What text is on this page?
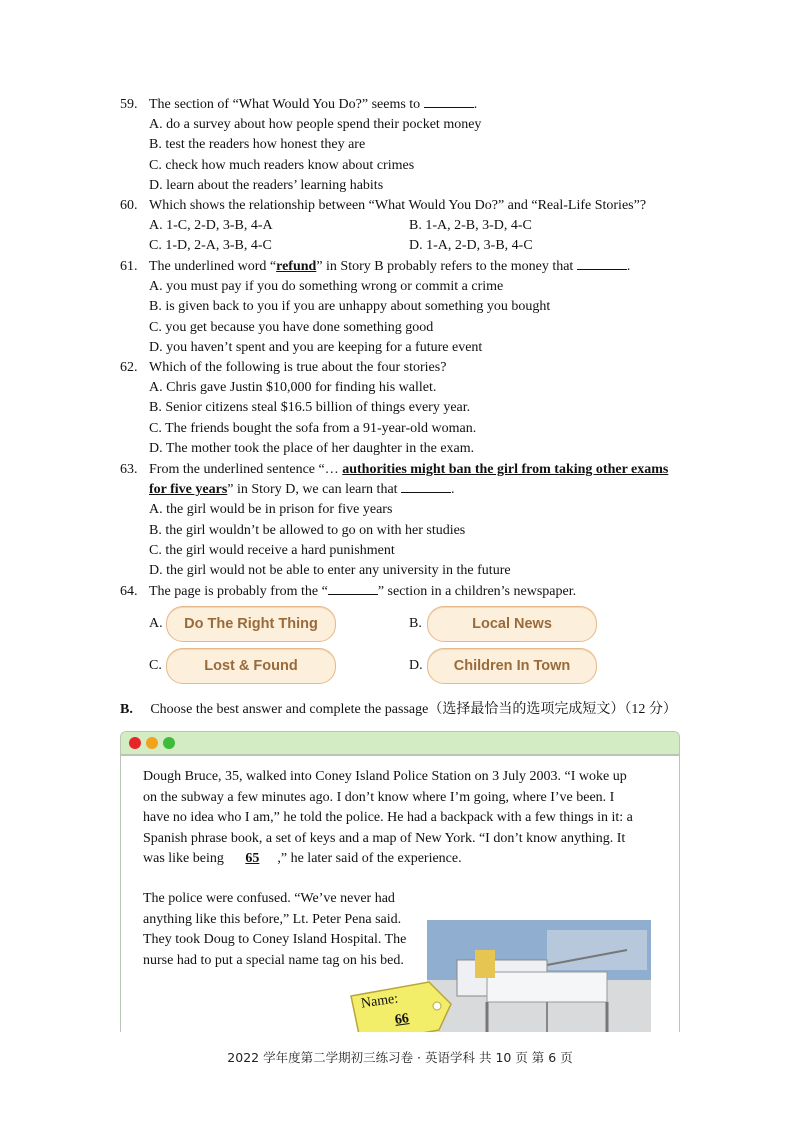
59. The section of “What Would You Do?” seems to	.
A. do a survey about how people spend their pocket money
B. test the readers how honest they are
C. check how much readers know about crimes
D. learn about the readers’ learning habits
60. Which shows the relationship between “What Would You Do?” and “Real-Life Stories”?
A. 1-C, 2-D, 3-B, 4-A	B. 1-A, 2-B, 3-D, 4-C
C. 1-D, 2-A, 3-B, 4-C	D. 1-A, 2-D, 3-B, 4-C
61. The underlined word “refund” in Story B probably refers to the money that	.
A. you must pay if you do something wrong or commit a crime
B. is given back to you if you are unhappy about something you bought
C. you get because you have done something good
D. you haven’t spent and you are keeping for a future event
62. Which of the following is true about the four stories?
A. Chris gave Justin $10,000 for finding his wallet.
B. Senior citizens steal $16.5 billion of things every year.
C. The friends bought the sofa from a 91-year-old woman.
D. The mother took the place of her daughter in the exam.
63. From the underlined sentence “… authorities might ban the girl from taking other exams
for five years” in Story D, we can learn that	.
A. the girl would be in prison for five years
B. the girl wouldn’t be allowed to go on with her studies
C. the girl would receive a hard punishment
D. the girl would not be able to enter any university in the future
64. The page is probably from the “	” section in a children’s newspaper.
A.	Do The Right Thing	B.	Local News
C.	Lost & Found	D.	Children In Town
B. Choose the best answer and complete the passage（选择最恰当的选项完成短文）（12 分）
Dough Bruce, 35, walked into Coney Island Police Station on 3 July 2003. “I woke up on the subway a few minutes ago. I don’t know where I’m going, where I’ve been. I have no idea who I am,” he told the police. He had a backpack with a few things in it: a Spanish phrase book, a set of keys and a map of New York. “I don’t know anything. It was like being 65 ,” he later said of the experience.
The police were confused. “We’ve never had anything like this before,” Lt. Peter Pena said. They took Doug to Coney Island Hospital. The nurse had to put a special name tag on his bed.
Name:
66
2022 学年度第二学期初三练习卷 · 英语学科 共 10 页 第 6 页
